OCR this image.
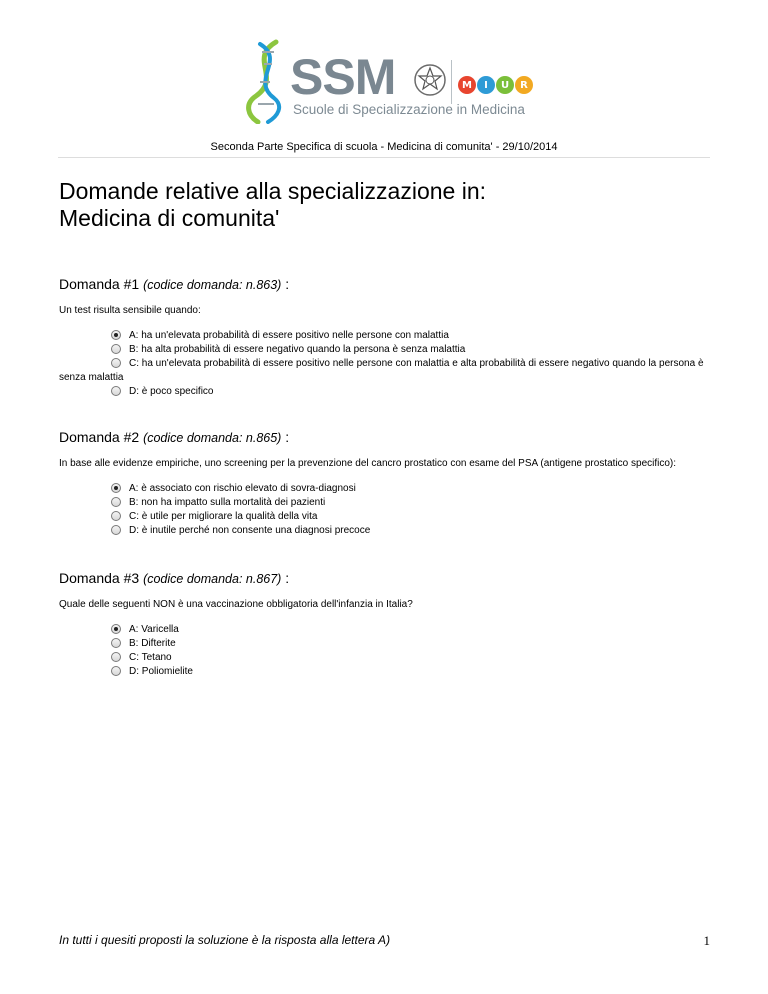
SSM	M	I	U	R
Scuole di Specializzazione in Medicina
Seconda Parte Specifica di scuola - Medicina di comunita' - 29/10/2014
Domande relative alla specializzazione in:
Medicina di comunita'
Domanda #1 (codice domanda: n.863) :
Un test risulta sensibile quando:
A: ha un'elevata probabilità di essere positivo nelle persone con malattia
B: ha alta probabilità di essere negativo quando la persona è senza malattia
C: ha un'elevata probabilità di essere positivo nelle persone con malattia e alta probabilità di essere negativo quando la persona è senza malattia
D: è poco specifico
Domanda #2 (codice domanda: n.865) :
In base alle evidenze empiriche, uno screening per la prevenzione del cancro prostatico con esame del PSA (antigene prostatico specifico):
A: è associato con rischio elevato di sovra-diagnosi
B: non ha impatto sulla mortalità dei pazienti
C: è utile per migliorare la qualità della vita
D: è inutile perché non consente una diagnosi precoce
Domanda #3 (codice domanda: n.867) :
Quale delle seguenti NON è una vaccinazione obbligatoria dell'infanzia in Italia?
A: Varicella
B: Difterite
C: Tetano
D: Poliomielite
In tutti i quesiti proposti la soluzione è la risposta alla lettera A)	1
